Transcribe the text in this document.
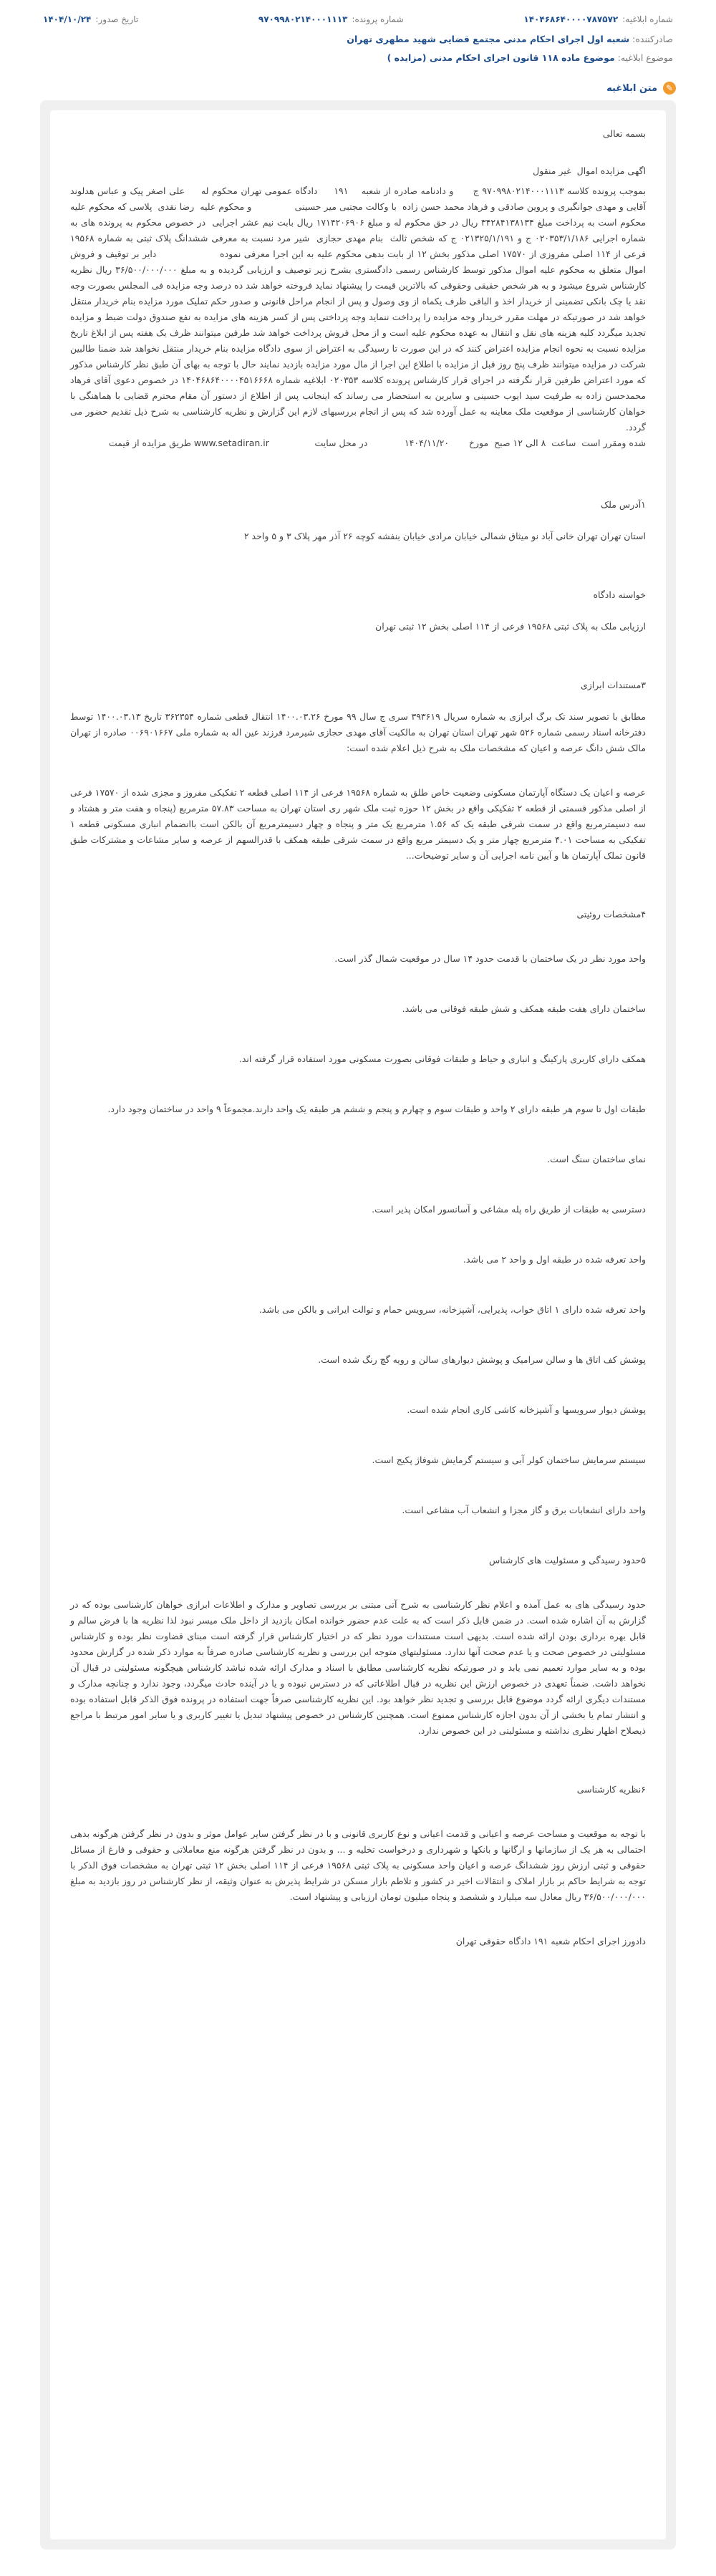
شماره ابلاغیه:
۱۴۰۴۶۸۶۴۰۰۰۰۷۸۷۵۷۲
شماره پرونده:
۹۷۰۹۹۸۰۲۱۴۰۰۰۱۱۱۳
تاریخ صدور:
۱۴۰۴/۱۰/۲۴
صادرکننده: شعبه اول اجرای احکام مدنی مجتمع قضایی شهید مطهری تهران
موضوع ابلاغیه: موضوع ماده ۱۱۸ قانون اجرای احکام مدنی (مزایده )
✎
متن ابلاغیه

بسمه تعالی

اگهی مزایده اموال  غیر منقول

بموجب پرونده کلاسه ۹۷۰۹۹۸۰۲۱۴۰۰۰۱۱۱۳ ج      و دادنامه صادره از شعبه    ۱۹۱     دادگاه عمومی تهران محکوم له     علی اصغر پیک و عباس هدلوند آقایی و مهدی جوانگیری و پروین صادقی و فرهاد محمد حسن زاده  با وکالت مجتبی میر حسینی               و محکوم علیه  رضا نقدی  پلاسی که محکوم علیه محکوم است به پرداخت مبلغ ۳۴۲۸۴۱۳۸۱۳۴ ریال در حق محکوم له و مبلغ ۱۷۱۴۲۰۶۹۰۶ ریال بابت نیم عشر اجرایی  در خصوص محکوم به پرونده های به شماره اجرایی ۰۲۰۳۵۳/۱/۱۸۶ ج و ۰۲۱۳۲۵/۱/۱۹۱ ج که شخص ثالث  بنام مهدی حجازی  شیر مرد نسبت به معرفی ششدانگ پلاک ثبتی به شماره ۱۹۵۶۸ فرعی از ۱۱۴ اصلی مفروزی از ۱۷۵۷۰ اصلی مذکور بخش ۱۲ از بابت بدهی محکوم علیه به این اجرا معرفی نموده                    دایر بر توقیف و فروش اموال متعلق به محکوم علیه اموال مذکور توسط کارشناس رسمی دادگستری بشرح زیر توصیف و ارزیابی گردیده و به مبلغ ۳۶/۵۰۰/۰۰۰/۰۰۰ ریال نظریه کارشناس شروع میشود و به هر شخص حقیقی وحقوقی که بالاترین قیمت را پیشنهاد نماید فروخته خواهد شد ده درصد وجه مزایده فی المجلس بصورت وجه نقد یا چک بانکی تضمینی از خریدار اخذ و الباقی ظرف یکماه از وی وصول و پس از انجام مراحل قانونی و صدور حکم تملیک مورد مزایده بنام خریدار منتقل خواهد شد در صورتیکه در مهلت مقرر خریدار وجه مزایده را پرداخت ننماید وجه پرداختی پس از کسر هزینه های مزایده به نفع صندوق دولت ضبط و مزایده تجدید میگردد کلیه هزینه های نقل و انتقال به عهده محکوم علیه است و از محل فروش پرداخت خواهد شد طرفین میتوانند ظرف یک هفته پس از ابلاغ تاریخ مزایده نسبت به نحوه انجام مزایده اعتراض کنند که در این صورت تا رسیدگی به اعتراض از سوی دادگاه مزایده بنام خریدار منتقل نخواهد شد ضمنا طالبین شرکت در مزایده میتوانند ظرف پنج روز قبل از مزایده با اطلاع این اجرا از مال مورد مزایده بازدید نمایند حال با توجه به بهای آن طبق نظر کارشناس مذکور که مورد اعتراض طرفین قرار نگرفته در اجرای قرار کارشناس پرونده کلاسه ۰۲۰۳۵۳ ابلاغیه شماره ۱۴۰۴۶۸۶۴۰۰۰۰۴۵۱۶۶۶۸ در خصوص دعوی آقای فرهاد محمدحسن زاده به طرفیت سید ایوب حسینی و سایرین به استحضار می رساند که اینجانب پس از اطلاع از دستور آن مقام محترم قضایی با هماهنگی با خواهان کارشناسی از موقعیت ملک معاینه به عمل آورده شد که پس از انجام بررسیهای لازم این گزارش و نظریه کارشناسی به شرح ذیل تقدیم حضور می گردد.

شده ومقرر است  ساعت  ۸ الی ۱۲ صبح  مورخ       ۱۴۰۴/۱۱/۲۰             در محل سایت                www.setadiran.ir طریق مزایده از قیمت

۱آدرس ملک

استان تهران تهران خانی آباد نو میثاق شمالی خیابان مرادی خیابان بنفشه کوچه ۲۶ آذر مهر پلاک ۳ و ۵ واحد ۲

خواسته دادگاه

ارزیابی ملک به پلاک ثبتی ۱۹۵۶۸ فرعی از ۱۱۴ اصلی بخش ۱۲ ثبتی تهران

۳مستندات ابرازی

مطابق با تصویر سند تک برگ ابرازی به شماره سریال ۳۹۳۶۱۹ سری ج سال ۹۹ مورخ ۱۴۰۰.۰۳.۲۶ انتقال قطعی شماره ۳۶۲۳۵۴ تاریخ ۱۴۰۰.۰۳.۱۳ توسط دفترخانه اسناد رسمی شماره ۵۲۶ شهر تهران استان تهران به مالکیت آقای مهدی حجازی شیرمرد فرزند عین اله به شماره ملی ۰۰۶۹۰۱۶۶۷ صادره از تهران مالک شش دانگ عرصه و اعیان که مشخصات ملک به شرح ذیل اعلام شده است:

عرصه و اعیان یک دستگاه آپارتمان مسکونی وضعیت خاص طلق به شماره ۱۹۵۶۸ فرعی از ۱۱۴ اصلی قطعه ۲ تفکیکی مفروز و مجزی شده از ۱۷۵۷۰ فرعی از اصلی مذکور قسمتی از قطعه ۲ تفکیکی واقع در بخش ۱۲ حوزه ثبت ملک شهر ری استان تهران به مساحت ۵۷.۸۳ مترمربع (پنجاه و هفت متر و هشتاد و سه دسیمترمربع واقع در سمت شرقی طبقه یک که ۱.۵۶ مترمربع یک متر و پنجاه و چهار دسیمترمربع آن بالکن است باانضمام انباری مسکونی قطعه ۱ تفکیکی به مساحت ۴.۰۱ مترمربع چهار متر و یک دسیمتر مربع واقع در سمت شرقی طبقه همکف با قدرالسهم از عرصه و سایر مشاعات و مشترکات طبق قانون تملک آپارتمان ها و آیین نامه اجرایی آن و سایر توضیحات...

۴مشخصات روئیتی

واحد مورد نظر در یک ساختمان با قدمت حدود ۱۴ سال در موقعیت شمال گذر است.

ساختمان دارای هفت طبقه همکف و شش طبقه فوقانی می باشد.

همکف دارای کاربری پارکینگ و انباری و حیاط و طبقات فوقانی بصورت مسکونی مورد استفاده قرار گرفته اند.

طبقات اول تا سوم هر طبقه دارای ۲ واحد و طبقات سوم و چهارم و پنجم و ششم هر طبقه یک واحد دارند.مجموعاً ۹ واحد در ساختمان وجود دارد.

نمای ساختمان سنگ است.

دسترسی به طبقات از طریق راه پله مشاعی و آسانسور امکان پذیر است.

واحد تعرفه شده در طبقه اول و واحد ۲ می باشد.

واحد تعرفه شده دارای ۱ اتاق خواب، پذیرایی، آشپزخانه، سرویس حمام و توالت ایرانی و بالکن می باشد.

پوشش کف اتاق ها و سالن سرامیک و پوشش دیوارهای سالن و رویه گچ رنگ شده است.

پوشش دیوار سرویسها و آشپزخانه کاشی کاری انجام شده است.

سیستم سرمایش ساختمان کولر آبی و سیستم گرمایش شوفاژ پکیج است.

واحد دارای انشعابات برق و گاز مجزا و انشعاب آب مشاعی است.

۵حدود رسیدگی و مسئولیت های کارشناس

حدود رسیدگی های به عمل آمده و اعلام نظر کارشناسی به شرح آتی مبتنی بر بررسی تصاویر و مدارک و اطلاعات ابرازی خواهان کارشناسی بوده که در گزارش به آن اشاره شده است. در ضمن قابل ذکر است که به علت عدم حضور خوانده امکان بازدید از داخل ملک میسر نبود لذا نظریه ها با فرض سالم و قابل بهره برداری بودن ارائه شده است. بدیهی است مستندات مورد نظر که در اختیار کارشناس قرار گرفته است مبنای قضاوت نظر بوده و کارشناس مسئولیتی در خصوص صحت و یا عدم صحت آنها ندارد. مسئولیتهای متوجه این بررسی و نظریه کارشناسی صادره صرفاً به موارد ذکر شده در گزارش محدود بوده و به سایر موارد تعمیم نمی یابد و در صورتیکه نظریه کارشناسی مطابق با اسناد و مدارک ارائه شده نباشد کارشناس هیچگونه مسئولیتی در قبال آن نخواهد داشت. ضمناً تعهدی در خصوص ارزش این نظریه در قبال اطلاعاتی که در دسترس نبوده و یا در آینده حادث میگردد، وجود ندارد و چنانچه مدارک و مستندات دیگری ارائه گردد موضوع قابل بررسی و تجدید نظر خواهد بود. این نظریه کارشناسی صرفاً جهت استفاده در پرونده فوق الذکر قابل استفاده بوده و انتشار تمام یا بخشی از آن بدون اجازه کارشناس ممنوع است. همچنین کارشناس در خصوص پیشنهاد تبدیل یا تغییر کاربری و یا سایر امور مرتبط با مراجع ذیصلاح اظهار نظری نداشته و مسئولیتی در این خصوص ندارد.

۶نظریه کارشناسی

با توجه به موقعیت و مساحت عرصه و اعیانی و قدمت اعیانی و نوع کاربری قانونی و با در نظر گرفتن سایر عوامل موثر و بدون در نظر گرفتن هرگونه بدهی احتمالی به هر یک از سازمانها و ارگانها و بانکها و شهرداری و درخواست تخلیه و ... و بدون در نظر گرفتن هرگونه منع معاملاتی و حقوقی و فارغ از مسائل حقوقی و ثبتی ارزش روز ششدانگ عرصه و اعیان واحد مسکونی به پلاک ثبتی ۱۹۵۶۸ فرعی از ۱۱۴ اصلی بخش ۱۲ ثبتی تهران به مشخصات فوق الذکر با توجه به شرایط حاکم بر بازار املاک و انتقالات اخیر در کشور و تلاطم بازار مسکن در شرایط پذیرش به عنوان وثیقه، از نظر کارشناس در روز بازدید به مبلغ ۳۶/۵۰۰/۰۰۰/۰۰۰ ریال معادل سه میلیارد و ششصد و پنجاه میلیون تومان ارزیابی و پیشنهاد است.

دادورز اجرای احکام شعبه ۱۹۱ دادگاه حقوقی تهران
